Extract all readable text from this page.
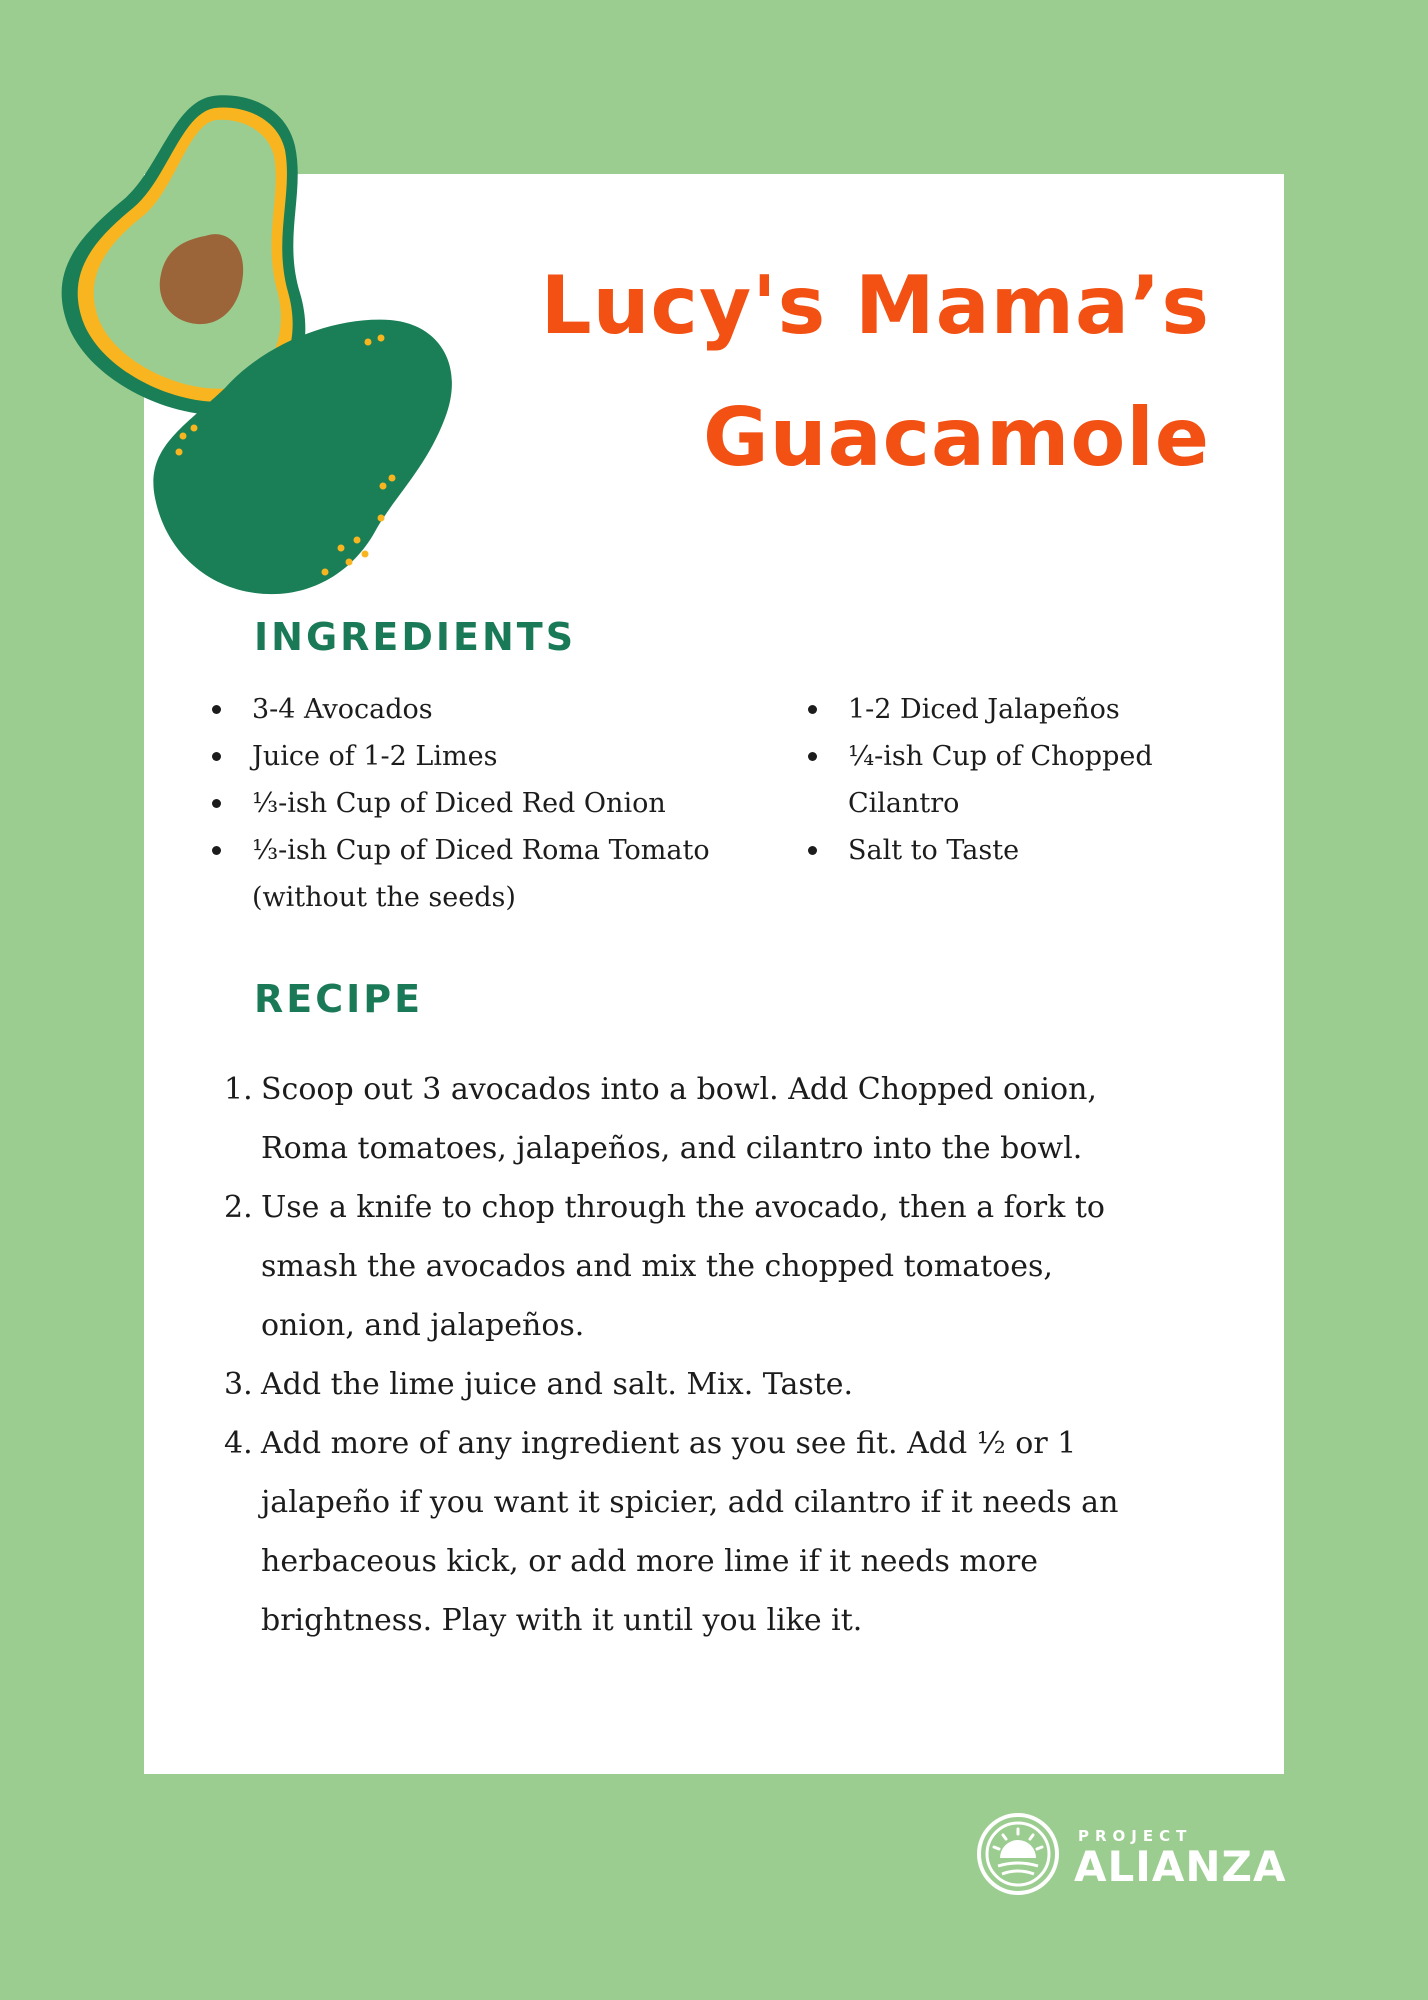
Lucy's Mama’s
Guacamole
INGREDIENTS
3-4 Avocados
Juice of 1-2 Limes
⅓-ish Cup of Diced Red Onion
⅓-ish Cup of Diced Roma Tomato
(without the seeds)
1-2 Diced Jalapeños
¼-ish Cup of Chopped
Cilantro
Salt to Taste
RECIPE
1. Scoop out 3 avocados into a bowl. Add Chopped onion,
Roma tomatoes, jalapeños, and cilantro into the bowl.
2. Use a knife to chop through the avocado, then a fork to
smash the avocados and mix the chopped tomatoes,
onion, and jalapeños.
3. Add the lime juice and salt. Mix. Taste.
4. Add more of any ingredient as you see fit. Add ½ or 1
jalapeño if you want it spicier, add cilantro if it needs an
herbaceous kick, or add more lime if it needs more
brightness. Play with it until you like it.
PROJECT
ALIANZA
